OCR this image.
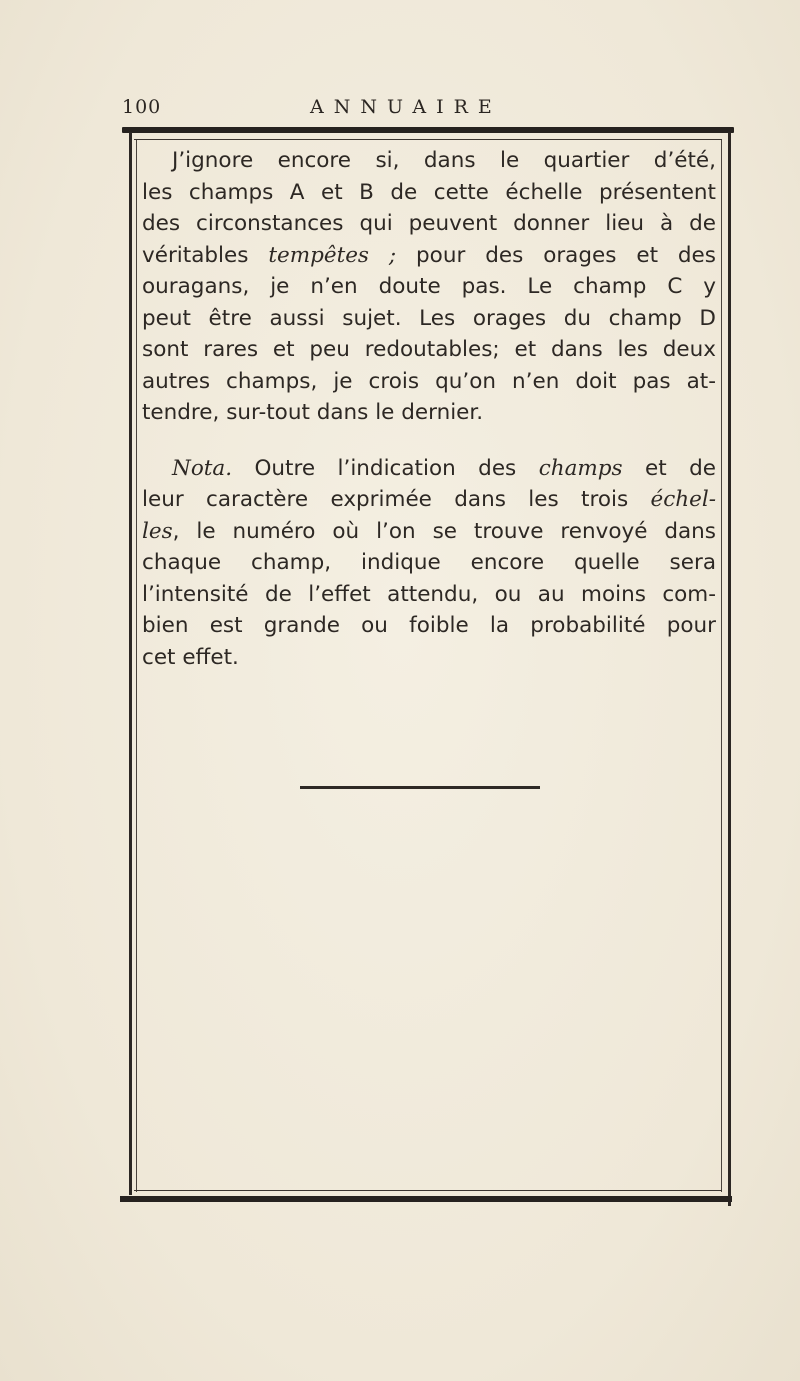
100	ANNUAIRE
J’ignore encore si, dans le quartier d’été,
les champs A et B de cette échelle présentent
des circonstances qui peuvent donner lieu à de
véritables tempêtes ; pour des orages et des
ouragans, je n’en doute pas. Le champ C y
peut être aussi sujet. Les orages du champ D
sont rares et peu redoutables; et dans les deux
autres champs, je crois qu’on n’en doit pas at-
tendre, sur-tout dans le dernier.
Nota. Outre l’indication des champs et de
leur caractère exprimée dans les trois échel-
les, le numéro où l’on se trouve renvoyé dans
chaque champ, indique encore quelle sera
l’intensité de l’effet attendu, ou au moins com-
bien est grande ou foible la probabilité pour
cet effet.
